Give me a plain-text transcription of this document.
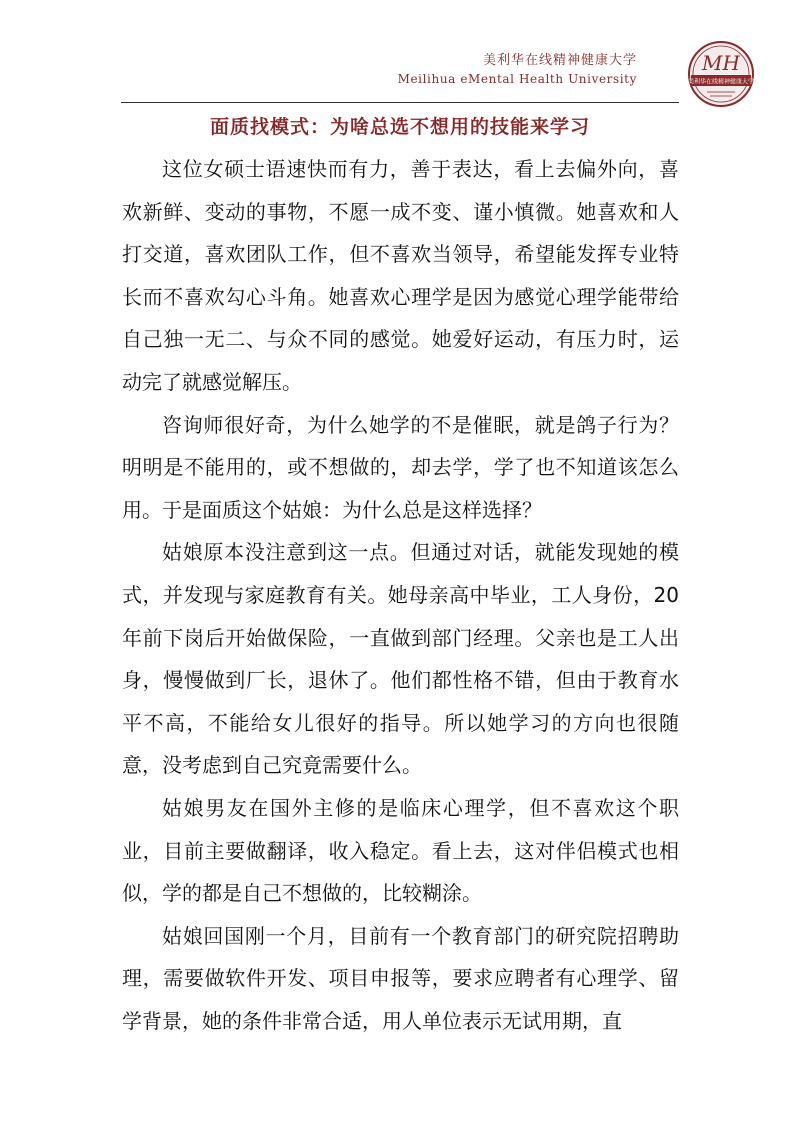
美利华在线精神健康大学
Meilihua eMental Health University
MH
美利华在线精神健康大学
面质找模式：为啥总选不想用的技能来学习

这位女硕士语速快而有力，善于表达，看上去偏外向，喜欢新鲜、变动的事物，不愿一成不变、谨小慎微。她喜欢和人打交道，喜欢团队工作，但不喜欢当领导，希望能发挥专业特长而不喜欢勾心斗角。她喜欢心理学是因为感觉心理学能带给自己独一无二、与众不同的感觉。她爱好运动，有压力时，运动完了就感觉解压。

咨询师很好奇，为什么她学的不是催眠，就是鸽子行为？明明是不能用的，或不想做的，却去学，学了也不知道该怎么用。于是面质这个姑娘：为什么总是这样选择？

姑娘原本没注意到这一点。但通过对话，就能发现她的模式，并发现与家庭教育有关。她母亲高中毕业，工人身份，20年前下岗后开始做保险，一直做到部门经理。父亲也是工人出身，慢慢做到厂长，退休了。他们都性格不错，但由于教育水平不高，不能给女儿很好的指导。所以她学习的方向也很随意，没考虑到自己究竟需要什么。

姑娘男友在国外主修的是临床心理学，但不喜欢这个职业，目前主要做翻译，收入稳定。看上去，这对伴侣模式也相似，学的都是自己不想做的，比较糊涂。

姑娘回国刚一个月，目前有一个教育部门的研究院招聘助理，需要做软件开发、项目申报等，要求应聘者有心理学、留学背景，她的条件非常合适，用人单位表示无试用期，直
